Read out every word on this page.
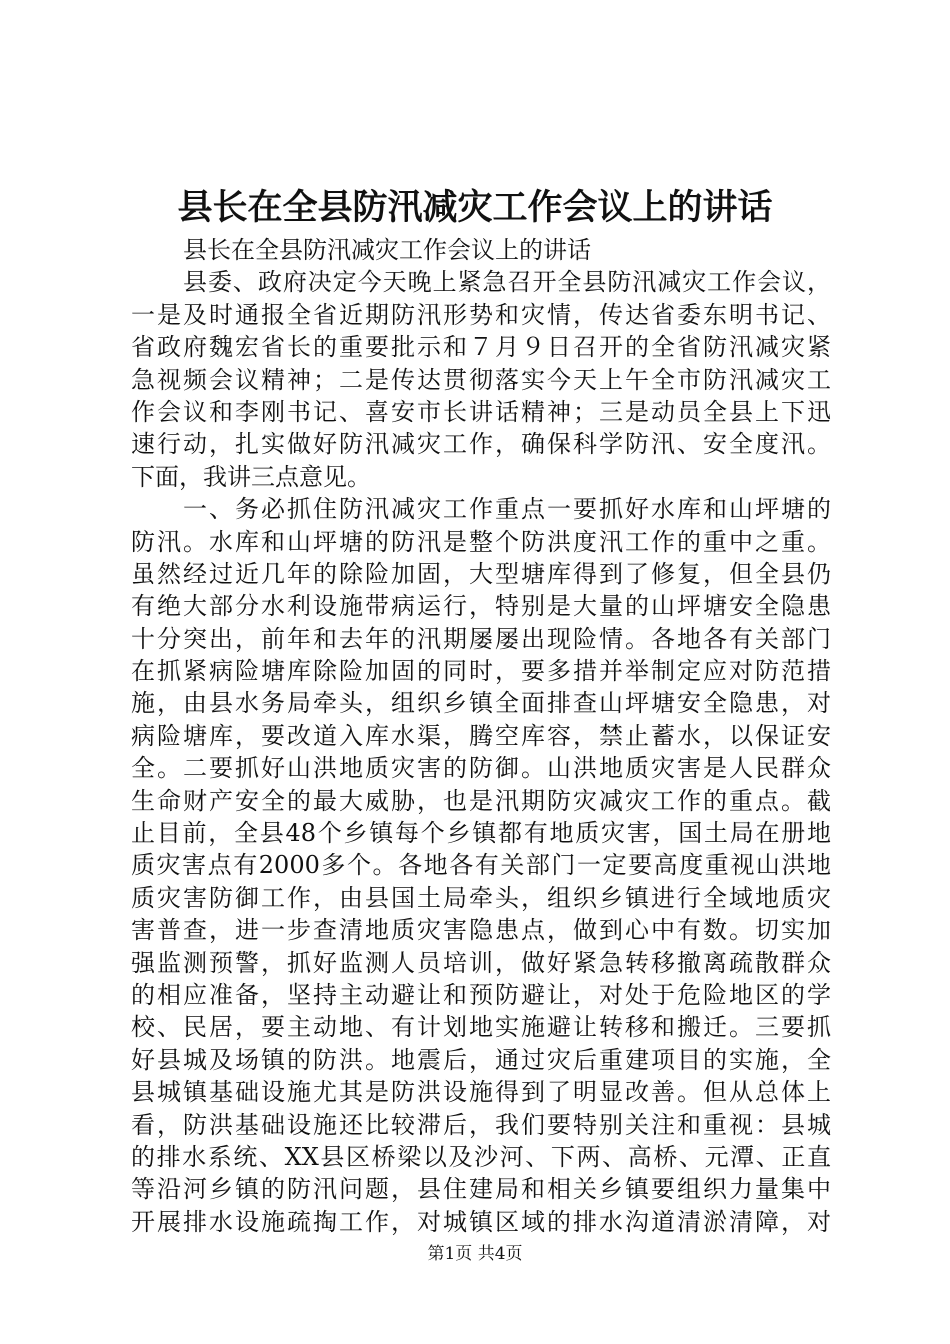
县长在全县防汛减灾工作会议上的讲话
县长在全县防汛减灾工作会议上的讲话
县委、政府决定今天晚上紧急召开全县防汛减灾工作会议，
一是及时通报全省近期防汛形势和灾情，传达省委东明书记、
省政府魏宏省长的重要批示和７月９日召开的全省防汛减灾紧
急视频会议精神；二是传达贯彻落实今天上午全市防汛减灾工
作会议和李刚书记、喜安市长讲话精神；三是动员全县上下迅
速行动，扎实做好防汛减灾工作，确保科学防汛、安全度汛。
下面，我讲三点意见。
一、务必抓住防汛减灾工作重点一要抓好水库和山坪塘的
防汛。水库和山坪塘的防汛是整个防洪度汛工作的重中之重。
虽然经过近几年的除险加固，大型塘库得到了修复，但全县仍
有绝大部分水利设施带病运行，特别是大量的山坪塘安全隐患
十分突出，前年和去年的汛期屡屡出现险情。各地各有关部门
在抓紧病险塘库除险加固的同时，要多措并举制定应对防范措
施，由县水务局牵头，组织乡镇全面排查山坪塘安全隐患，对
病险塘库，要改道入库水渠，腾空库容，禁止蓄水，以保证安
全。二要抓好山洪地质灾害的防御。山洪地质灾害是人民群众
生命财产安全的最大威胁，也是汛期防灾减灾工作的重点。截
止目前，全县48个乡镇每个乡镇都有地质灾害，国土局在册地
质灾害点有2000多个。各地各有关部门一定要高度重视山洪地
质灾害防御工作，由县国土局牵头，组织乡镇进行全域地质灾
害普查，进一步查清地质灾害隐患点，做到心中有数。切实加
强监测预警，抓好监测人员培训，做好紧急转移撤离疏散群众
的相应准备，坚持主动避让和预防避让，对处于危险地区的学
校、民居，要主动地、有计划地实施避让转移和搬迁。三要抓
好县城及场镇的防洪。地震后，通过灾后重建项目的实施，全
县城镇基础设施尤其是防洪设施得到了明显改善。但从总体上
看，防洪基础设施还比较滞后，我们要特别关注和重视：县城
的排水系统、XX县区桥梁以及沙河、下两、高桥、元潭、正直
等沿河乡镇的防汛问题，县住建局和相关乡镇要组织力量集中
开展排水设施疏掏工作，对城镇区域的排水沟道清淤清障，对
第1页 共4页
